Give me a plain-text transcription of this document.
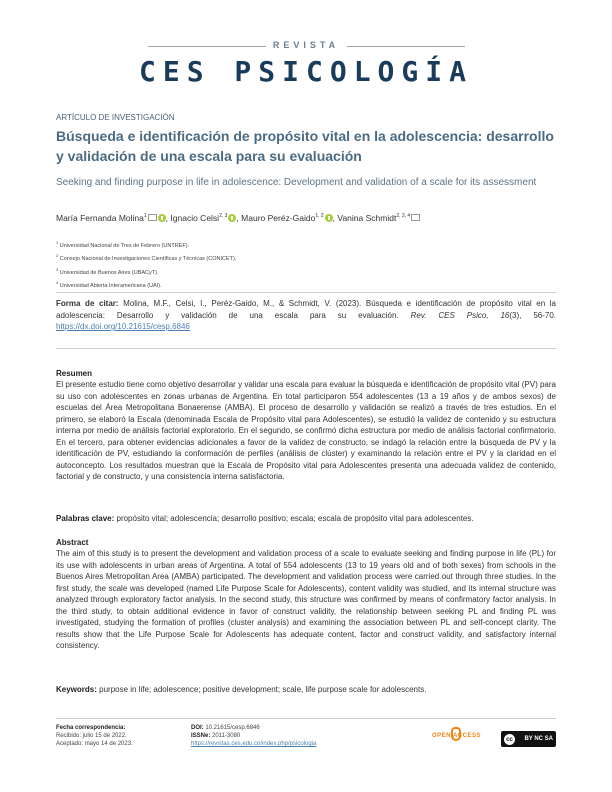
REVISTA
CES PSICOLOGÍA
ARTÍCULO DE INVESTIGACIÓN
Búsqueda e identificación de propósito vital en la adolescencia: desarrollo y validación de una escala para su evaluación
Seeking and finding purpose in life in adolescence: Development and validation of a scale for its assessment
María Fernanda Molina$^1$ , Ignacio Celsi$^{2, 3}$ , Mauro Peréz-Gaido$^{1, 2}$ , Vanina Schmidt$^{2, 3, 4}$
$^1$ Universidad Nacional de Tres de Febrero (UNTREF).
$^2$ Consejo Nacional de Investigaciones Científicas y Técnicas (CONICET).
$^3$ Universidad de Buenos Aires (UBACyT).
$^4$ Universidad Abierta Interamericana (UAI).
Forma de citar: Molina, M.F., Celsi, I., Peréz-Gaido, M., & Schmidt, V. (2023). Búsqueda e identificación de propósito vital en la adolescencia: Desarrollo y validación de una escala para su evaluación. Rev. CES Psico, 16(3), 56-70. https://dx.doi.org/10.21615/cesp.6846
Resumen
El presente estudio tiene como objetivo desarrollar y validar una escala para evaluar la búsqueda e identificación de propósito vital (PV) para su uso con adolescentes en zonas urbanas de Argentina. En total participaron 554 adolescentes (13 a 19 años y de ambos sexos) de escuelas del Área Metropolitana Bonaerense (AMBA). El proceso de desarrollo y validación se realizó a través de tres estudios. En el primero, se elaboró la Escala (denominada Escala de Propósito vital para Adolescentes), se estudió la validez de contenido y su estructura interna por medio de análisis factorial exploratorio. En el segundo, se confirmó dicha estructura por medio de análisis factorial confirmatorio. En el tercero, para obtener evidencias adicionales a favor de la validez de constructo, se indagó la relación entre la búsqueda de PV y la identificación de PV, estudiando la conformación de perfiles (análisis de clúster) y examinando la relación entre el PV y la claridad en el autoconcepto. Los resultados muestran que la Escala de Propósito vital para Adolescentes presenta una adecuada validez de contenido, factorial y de constructo, y una consistencia interna satisfactoria.
Palabras clave: propósito vital; adolescencia; desarrollo positivo; escala; escala de propósito vital para adolescentes.
Abstract
The aim of this study is to present the development and validation process of a scale to evaluate seeking and finding purpose in life (PL) for its use with adolescents in urban areas of Argentina. A total of 554 adolescents (13 to 19 years old and of both sexes) from schools in the Buenos Aires Metropolitan Area (AMBA) participated. The development and validation process were carried out through three studies. In the first study, the scale was developed (named Life Purpose Scale for Adolescents), content validity was studied, and its internal structure was analyzed through exploratory factor analysis. In the second study, this structure was confirmed by means of confirmatory factor analysis. In the third study, to obtain additional evidence in favor of construct validity, the relationship between seeking PL and finding PL was investigated, studying the formation of profiles (cluster analysis) and examining the association between PL and self-concept clarity. The results show that the Life Purpose Scale for Adolescents has adequate content, factor and construct validity, and satisfactory internal consistency.
Keywords: purpose in life; adolescence; positive development; scale, life purpose scale for adolescents.
Fecha correspondencia:
Recibido: julio 15 de 2022.
Aceptado: mayo 14 de 2023.
DOI: 10.21615/cesp.6846
ISSNe: 2011-3080
https://revistas.ces.edu.co/index.php/psicologia
OPEN ACCESS
cc	BY NC SA
